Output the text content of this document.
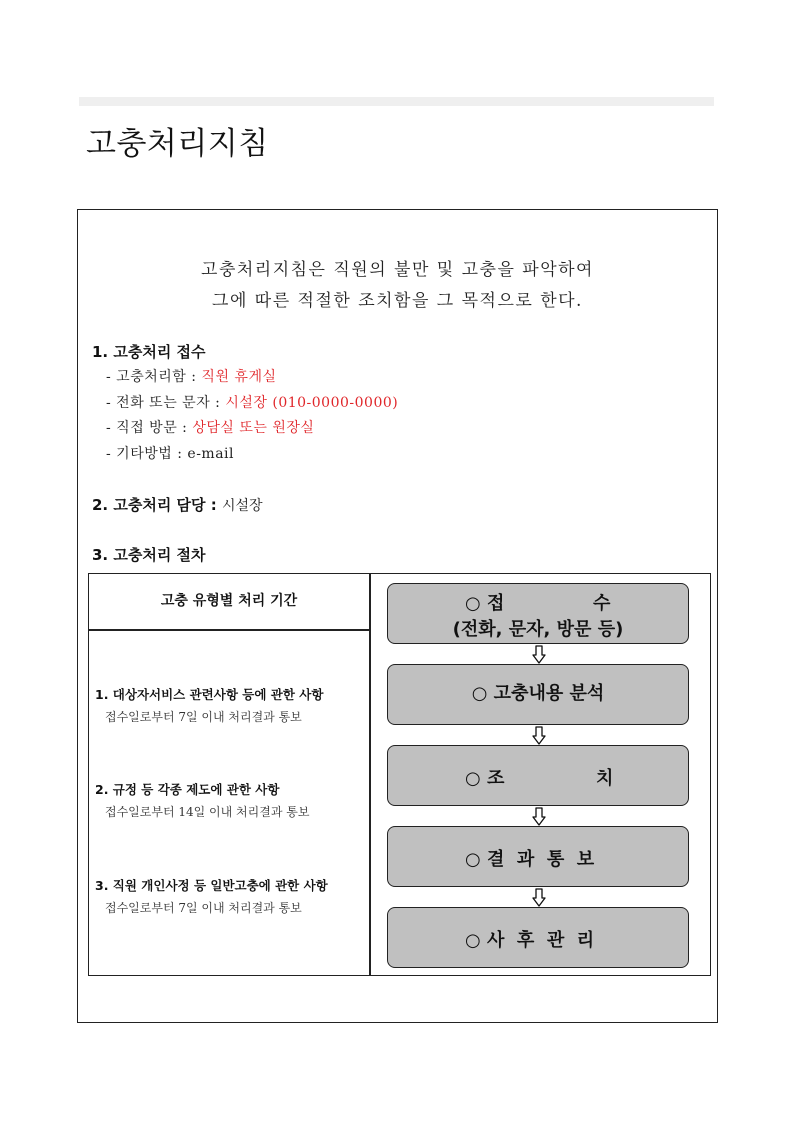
고충처리지침
고충처리지침은 직원의 불만 및 고충을 파악하여
그에 따른 적절한 조치함을 그 목적으로 한다.
1. 고충처리 접수
- 고충처리함 : 직원 휴게실
- 전화 또는 문자 : 시설장 (010-0000-0000)
- 직접 방문 : 상담실 또는 원장실
- 기타방법 : e-mail
2. 고충처리 담당 : 시설장
3. 고충처리 절차
고충 유형별 처리 기간
1. 대상자서비스 관련사항 등에 관한 사항
접수일로부터 7일 이내 처리결과 통보
2. 규정 등 각종 제도에 관한 사항
접수일로부터 14일 이내 처리결과 통보
3. 직원 개인사정 등 일반고충에 관한 사항
접수일로부터 7일 이내 처리결과 통보
○ 접	수
(전화, 문자, 방문 등)
○ 고충내용 분석
○ 조	치
○ 결  과  통  보
○ 사  후  관  리
